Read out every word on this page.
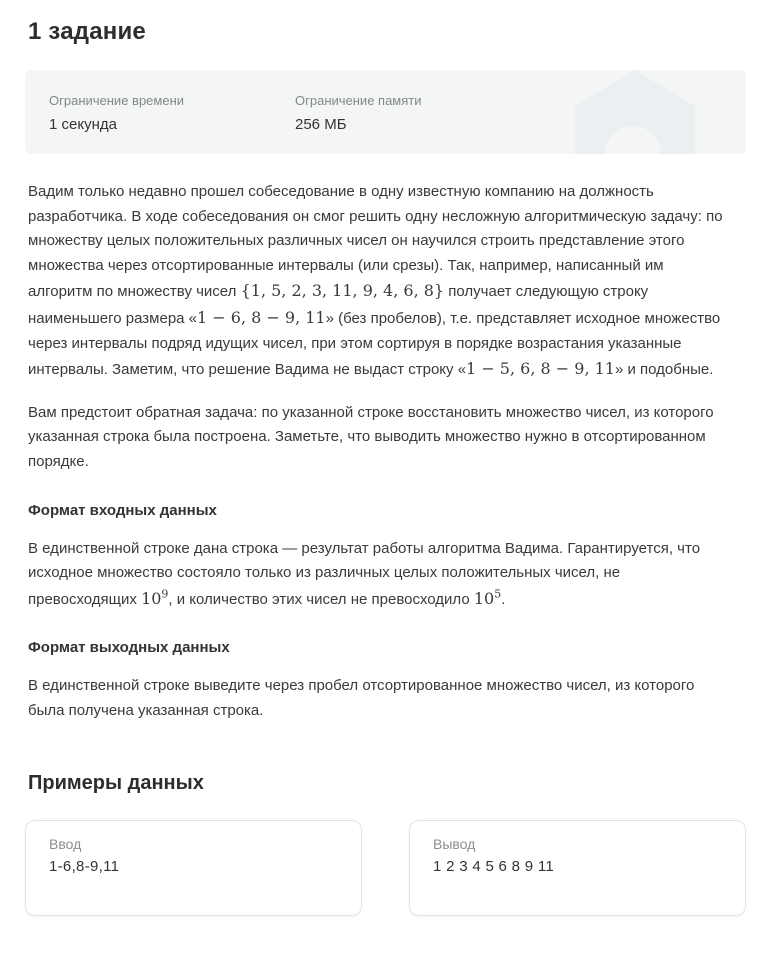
1 задание
Ограничение времени
1 секунда
Ограничение памяти
256 МБ

Вадим только недавно прошел собеседование в одну известную компанию на должность разработчика. В ходе собеседования он смог решить одну несложную алгоритмическую задачу: по множеству целых положительных различных чисел он научился строить представление этого множества через отсортированные интервалы (или срезы). Так, например, написанный им алгоритм по множеству чисел {1, 5, 2, 3, 11, 9, 4, 6, 8} получает следующую строку наименьшего размера «1 − 6, 8 − 9, 11» (без пробелов), т.е. представляет исходное множество через интервалы подряд идущих чисел, при этом сортируя в порядке возрастания указанные интервалы. Заметим, что решение Вадима не выдаст строку «1 − 5, 6, 8 − 9, 11» и подобные.

Вам предстоит обратная задача: по указанной строке восстановить множество чисел, из которого указанная строка была построена. Заметьте, что выводить множество нужно в отсортированном порядке.

Формат входных данных

В единственной строке дана строка — результат работы алгоритма Вадима. Гарантируется, что исходное множество состояло только из различных целых положительных чисел, не превосходящих $10^9$, и количество этих чисел не превосходило $10^5$.

Формат выходных данных

В единственной строке выведите через пробел отсортированное множество чисел, из которого была получена указанная строка.

Примеры данных
Ввод
1-6,8-9,11
Вывод
1 2 3 4 5 6 8 9 11
